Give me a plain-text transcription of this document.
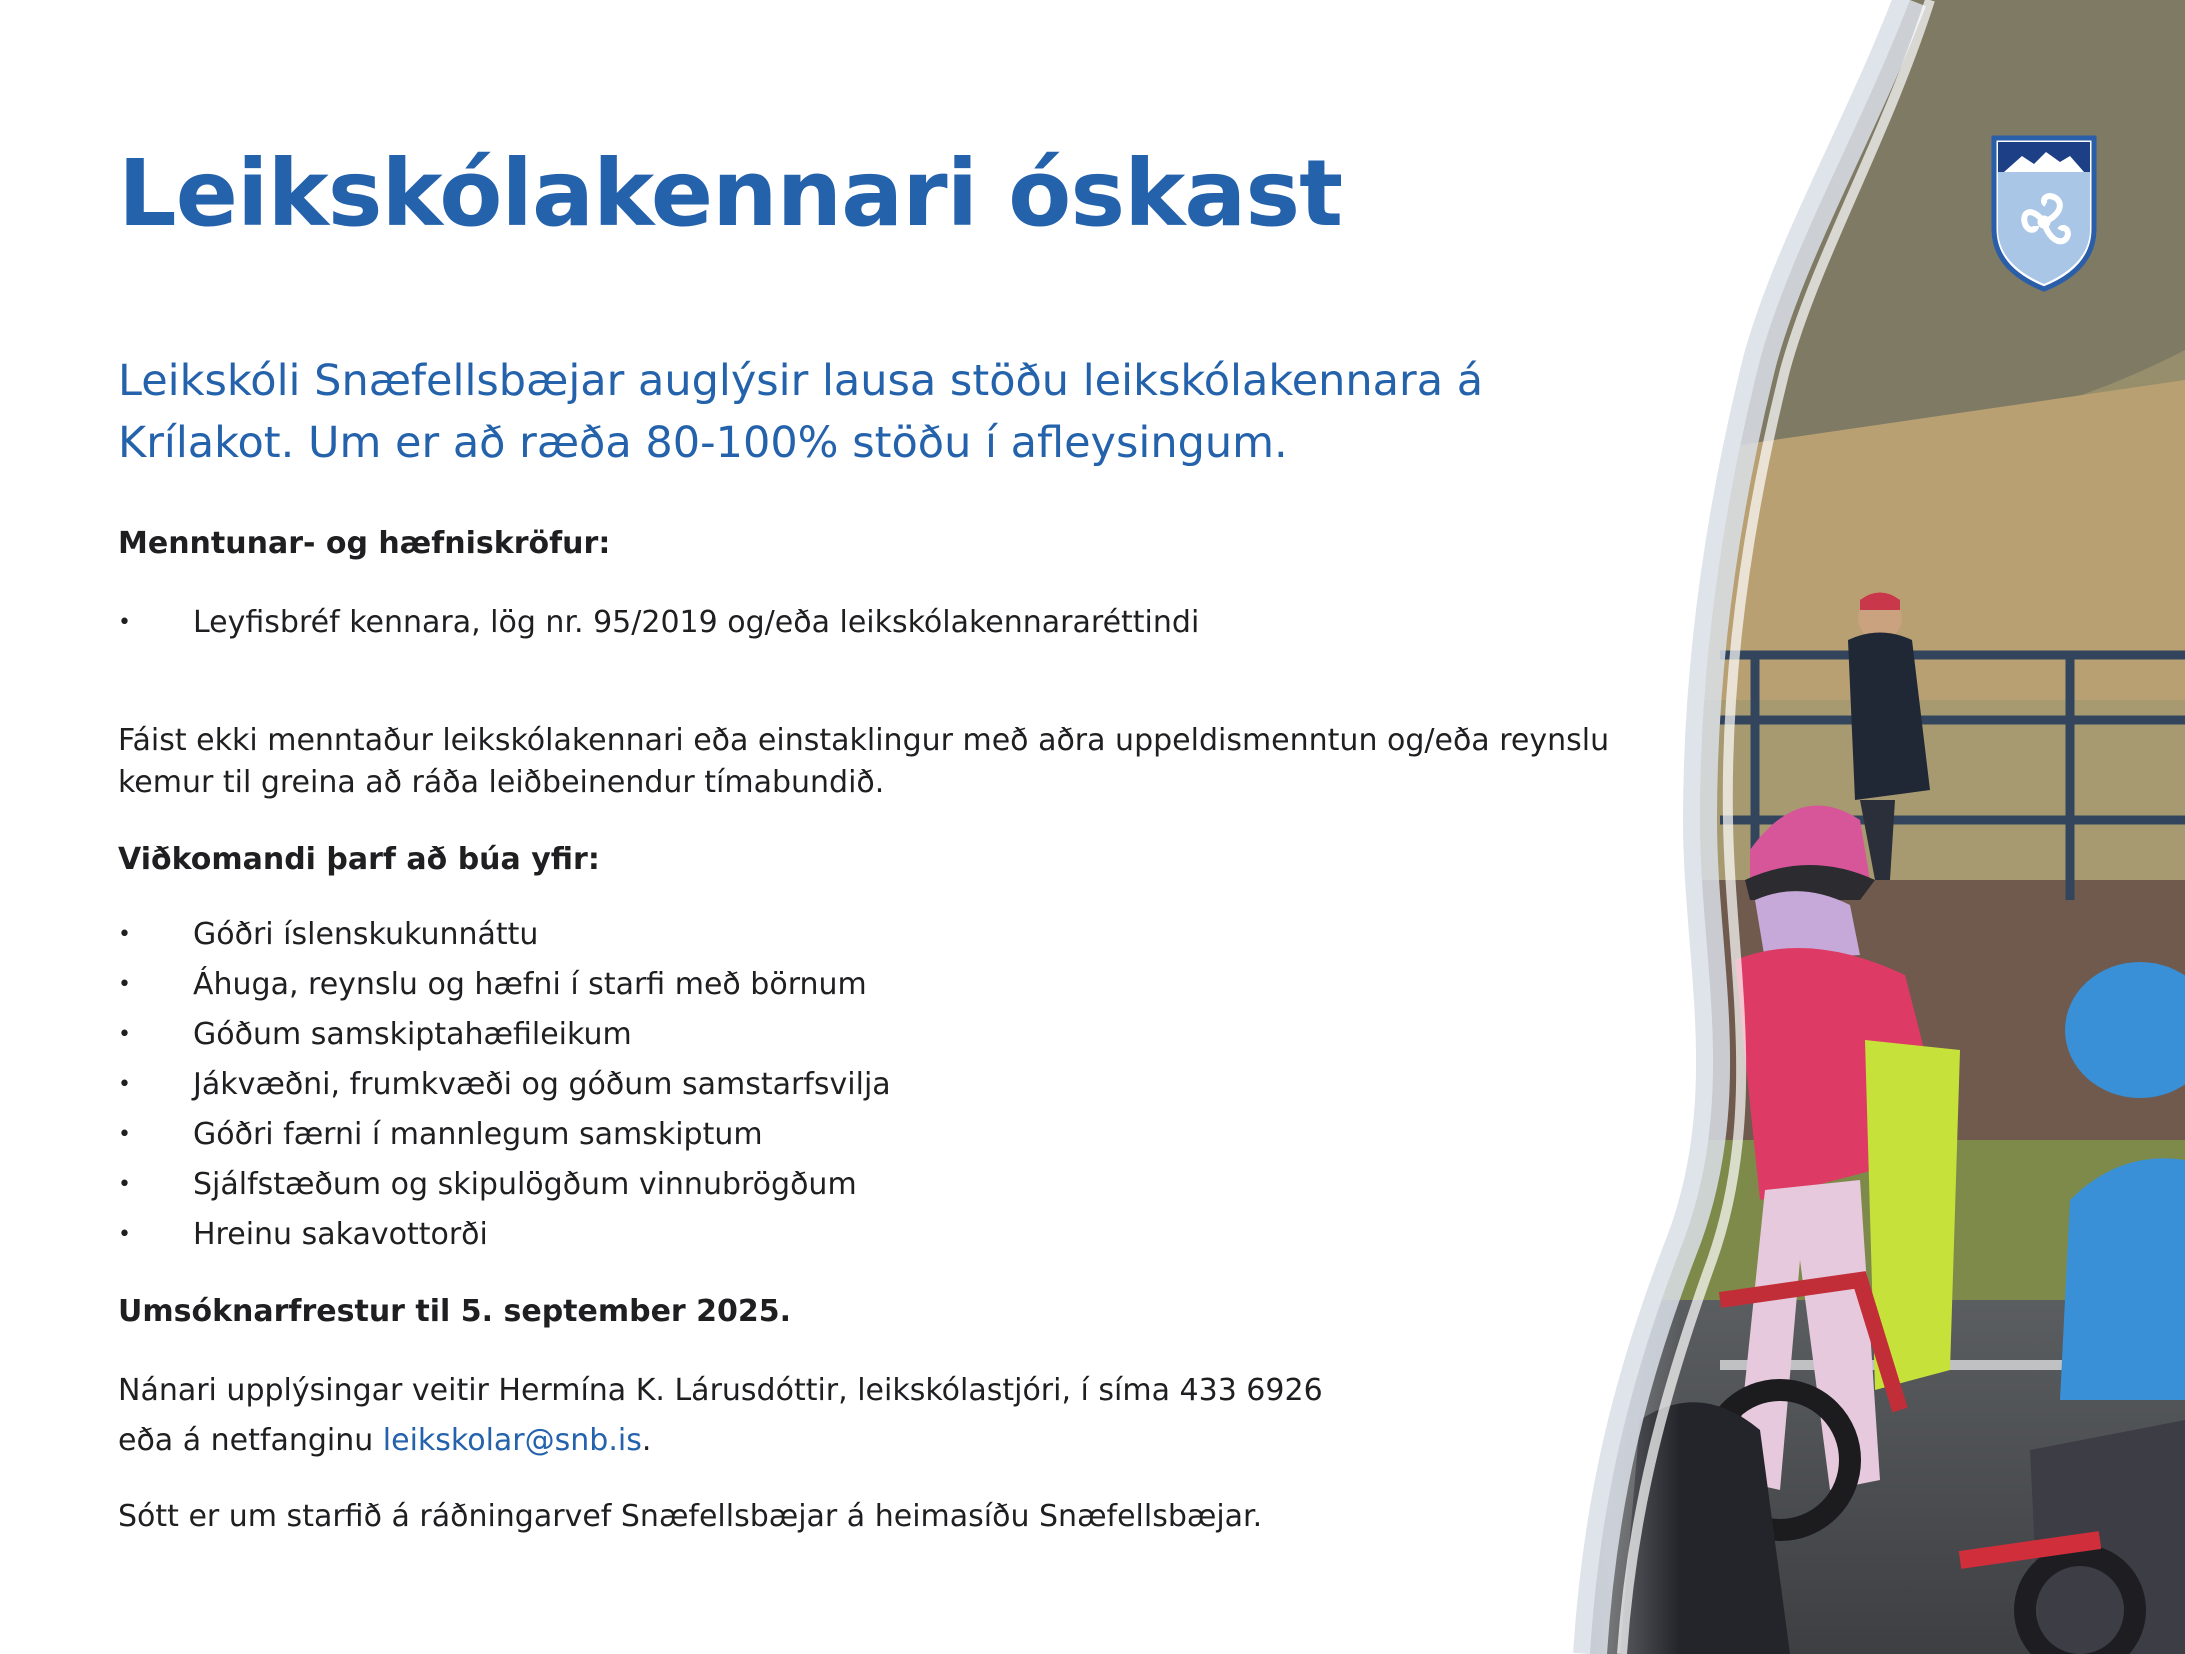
Leikskólakennari óskast

Leikskóli Snæfellsbæjar auglýsir lausa stöðu leikskólakennara á Krílakot. Um er að ræða 80-100% stöðu í afleysingum.

Menntunar- og hæfniskröfur:
• Leyfisbréf kennara, lög nr. 95/2019 og/eða leikskólakennararéttindi

Fáist ekki menntaður leikskólakennari eða einstaklingur með aðra uppeldismenntun og/eða reynslu kemur til greina að ráða leiðbeinendur tímabundið.

Viðkomandi þarf að búa yfir:
• Góðri íslenskukunnáttu
• Áhuga, reynslu og hæfni í starfi með börnum
• Góðum samskiptahæfileikum
• Jákvæðni, frumkvæði og góðum samstarfsvilja
• Góðri færni í mannlegum samskiptum
• Sjálfstæðum og skipulögðum vinnubrögðum
• Hreinu sakavottorði
Umsóknarfrestur til 5. september 2025.

Nánari upplýsingar veitir Hermína K. Lárusdóttir, leikskólastjóri, í síma 433 6926
eða á netfanginu leikskolar@snb.is.

Sótt er um starfið á ráðningarvef Snæfellsbæjar á heimasíðu Snæfellsbæjar.
